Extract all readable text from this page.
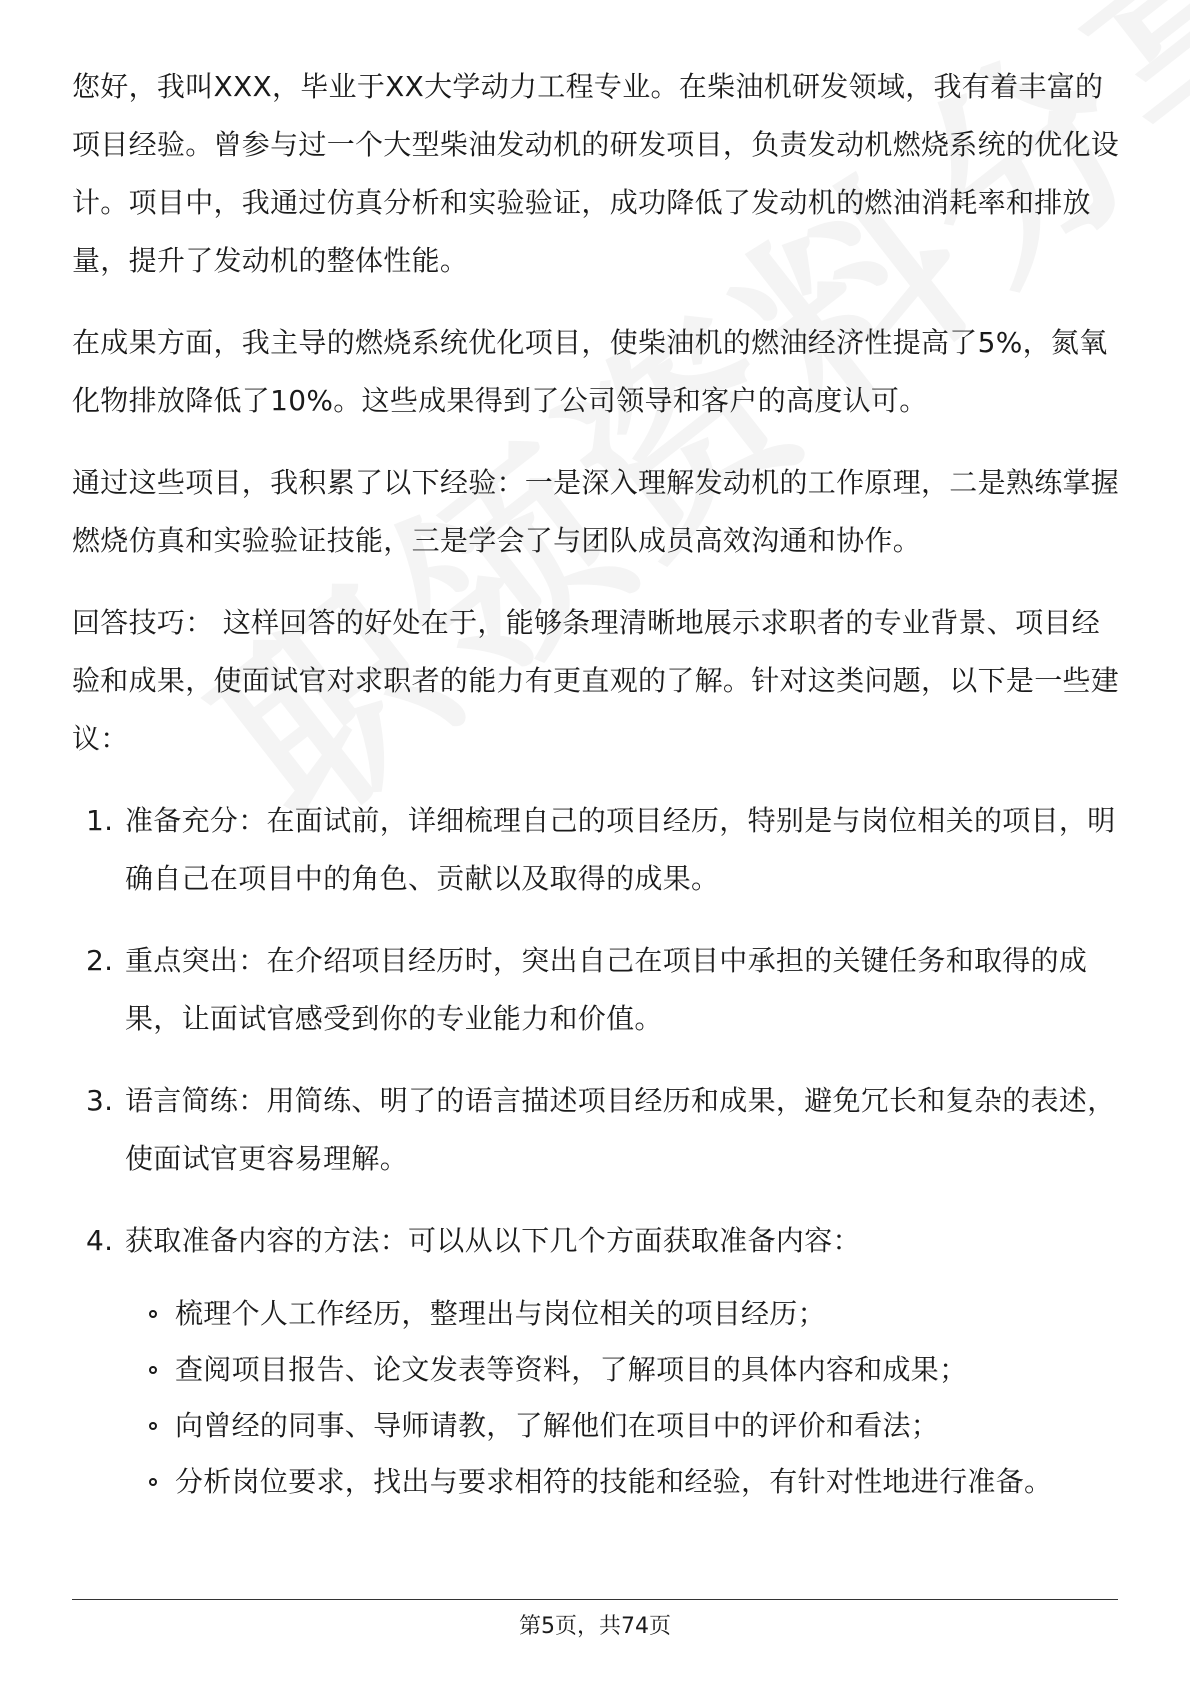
您好，我叫XXX，毕业于XX大学动力工程专业。在柴油机研发领域，我有着丰富的项目经验。曾参与过一个大型柴油发动机的研发项目，负责发动机燃烧系统的优化设计。项目中，我通过仿真分析和实验验证，成功降低了发动机的燃油消耗率和排放量，提升了发动机的整体性能。

在成果方面，我主导的燃烧系统优化项目，使柴油机的燃油经济性提高了5%，氮氧化物排放降低了10%。这些成果得到了公司领导和客户的高度认可。

通过这些项目，我积累了以下经验：一是深入理解发动机的工作原理，二是熟练掌握燃烧仿真和实验验证技能，三是学会了与团队成员高效沟通和协作。

回答技巧： 这样回答的好处在于，能够条理清晰地展示求职者的专业背景、项目经验和成果，使面试官对求职者的能力有更直观的了解。针对这类问题，以下是一些建议：

1. 准备充分：在面试前，详细梳理自己的项目经历，特别是与岗位相关的项目，明确自己在项目中的角色、贡献以及取得的成果。
2. 重点突出：在介绍项目经历时，突出自己在项目中承担的关键任务和取得的成果，让面试官感受到你的专业能力和价值。
3. 语言简练：用简练、明了的语言描述项目经历和成果，避免冗长和复杂的表述，使面试官更容易理解。
4. 获取准备内容的方法：可以从以下几个方面获取准备内容：
梳理个人工作经历，整理出与岗位相关的项目经历；
查阅项目报告、论文发表等资料，了解项目的具体内容和成果；
向曾经的同事、导师请教，了解他们在项目中的评价和看法；
分析岗位要求，找出与要求相符的技能和经验，有针对性地进行准备。
第5页，共74页
